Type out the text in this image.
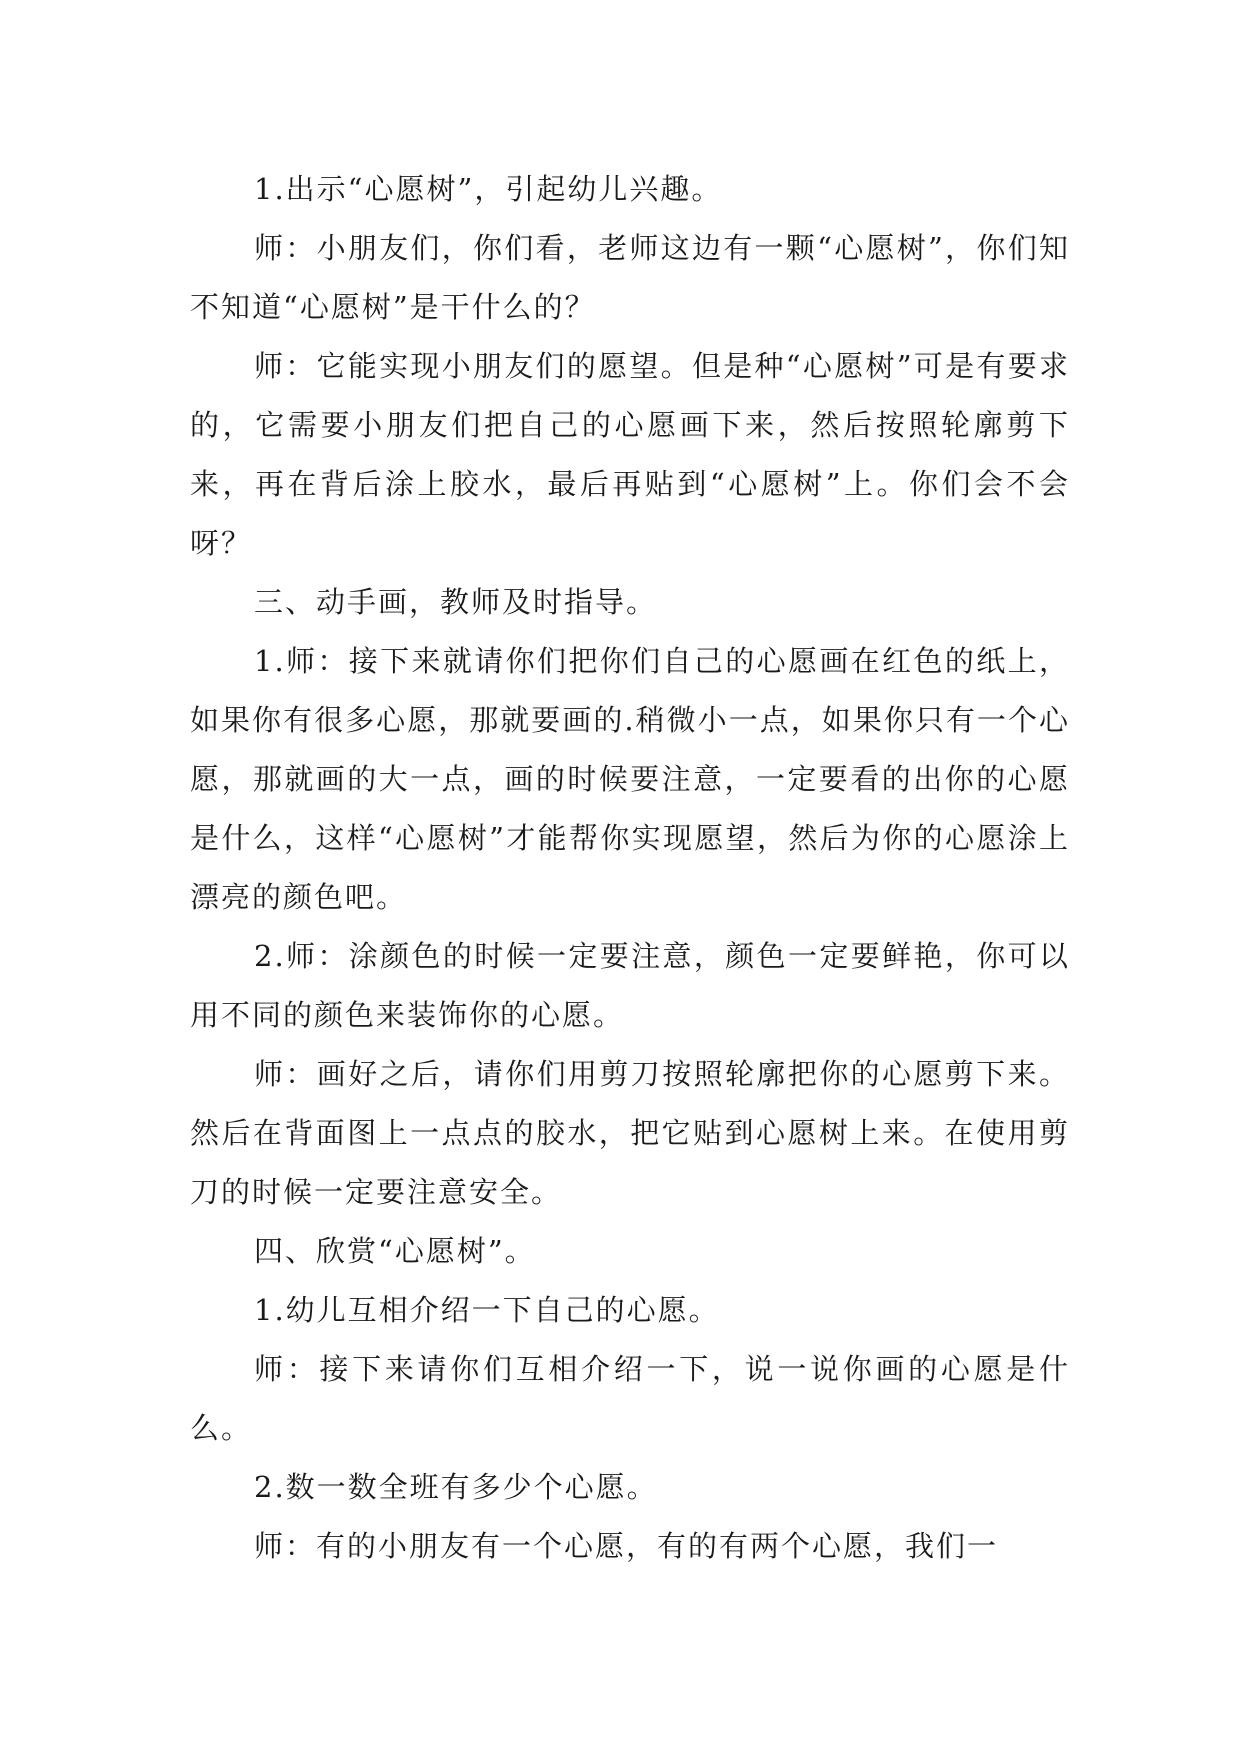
1.出示“心愿树”，引起幼儿兴趣。

师：小朋友们，你们看，老师这边有一颗“心愿树”，你们知不知道“心愿树”是干什么的？

师：它能实现小朋友们的愿望。但是种“心愿树”可是有要求的，它需要小朋友们把自己的心愿画下来，然后按照轮廓剪下来，再在背后涂上胶水，最后再贴到“心愿树”上。你们会不会呀？

三、动手画，教师及时指导。

1.师：接下来就请你们把你们自己的心愿画在红色的纸上，如果你有很多心愿，那就要画的.稍微小一点，如果你只有一个心愿，那就画的大一点，画的时候要注意，一定要看的出你的心愿是什么，这样“心愿树”才能帮你实现愿望，然后为你的心愿涂上漂亮的颜色吧。

2.师：涂颜色的时候一定要注意，颜色一定要鲜艳，你可以用不同的颜色来装饰你的心愿。

师：画好之后，请你们用剪刀按照轮廓把你的心愿剪下来。然后在背面图上一点点的胶水，把它贴到心愿树上来。在使用剪刀的时候一定要注意安全。

四、欣赏“心愿树”。

1.幼儿互相介绍一下自己的心愿。

师：接下来请你们互相介绍一下，说一说你画的心愿是什么。

2.数一数全班有多少个心愿。

师：有的小朋友有一个心愿，有的有两个心愿，我们一
